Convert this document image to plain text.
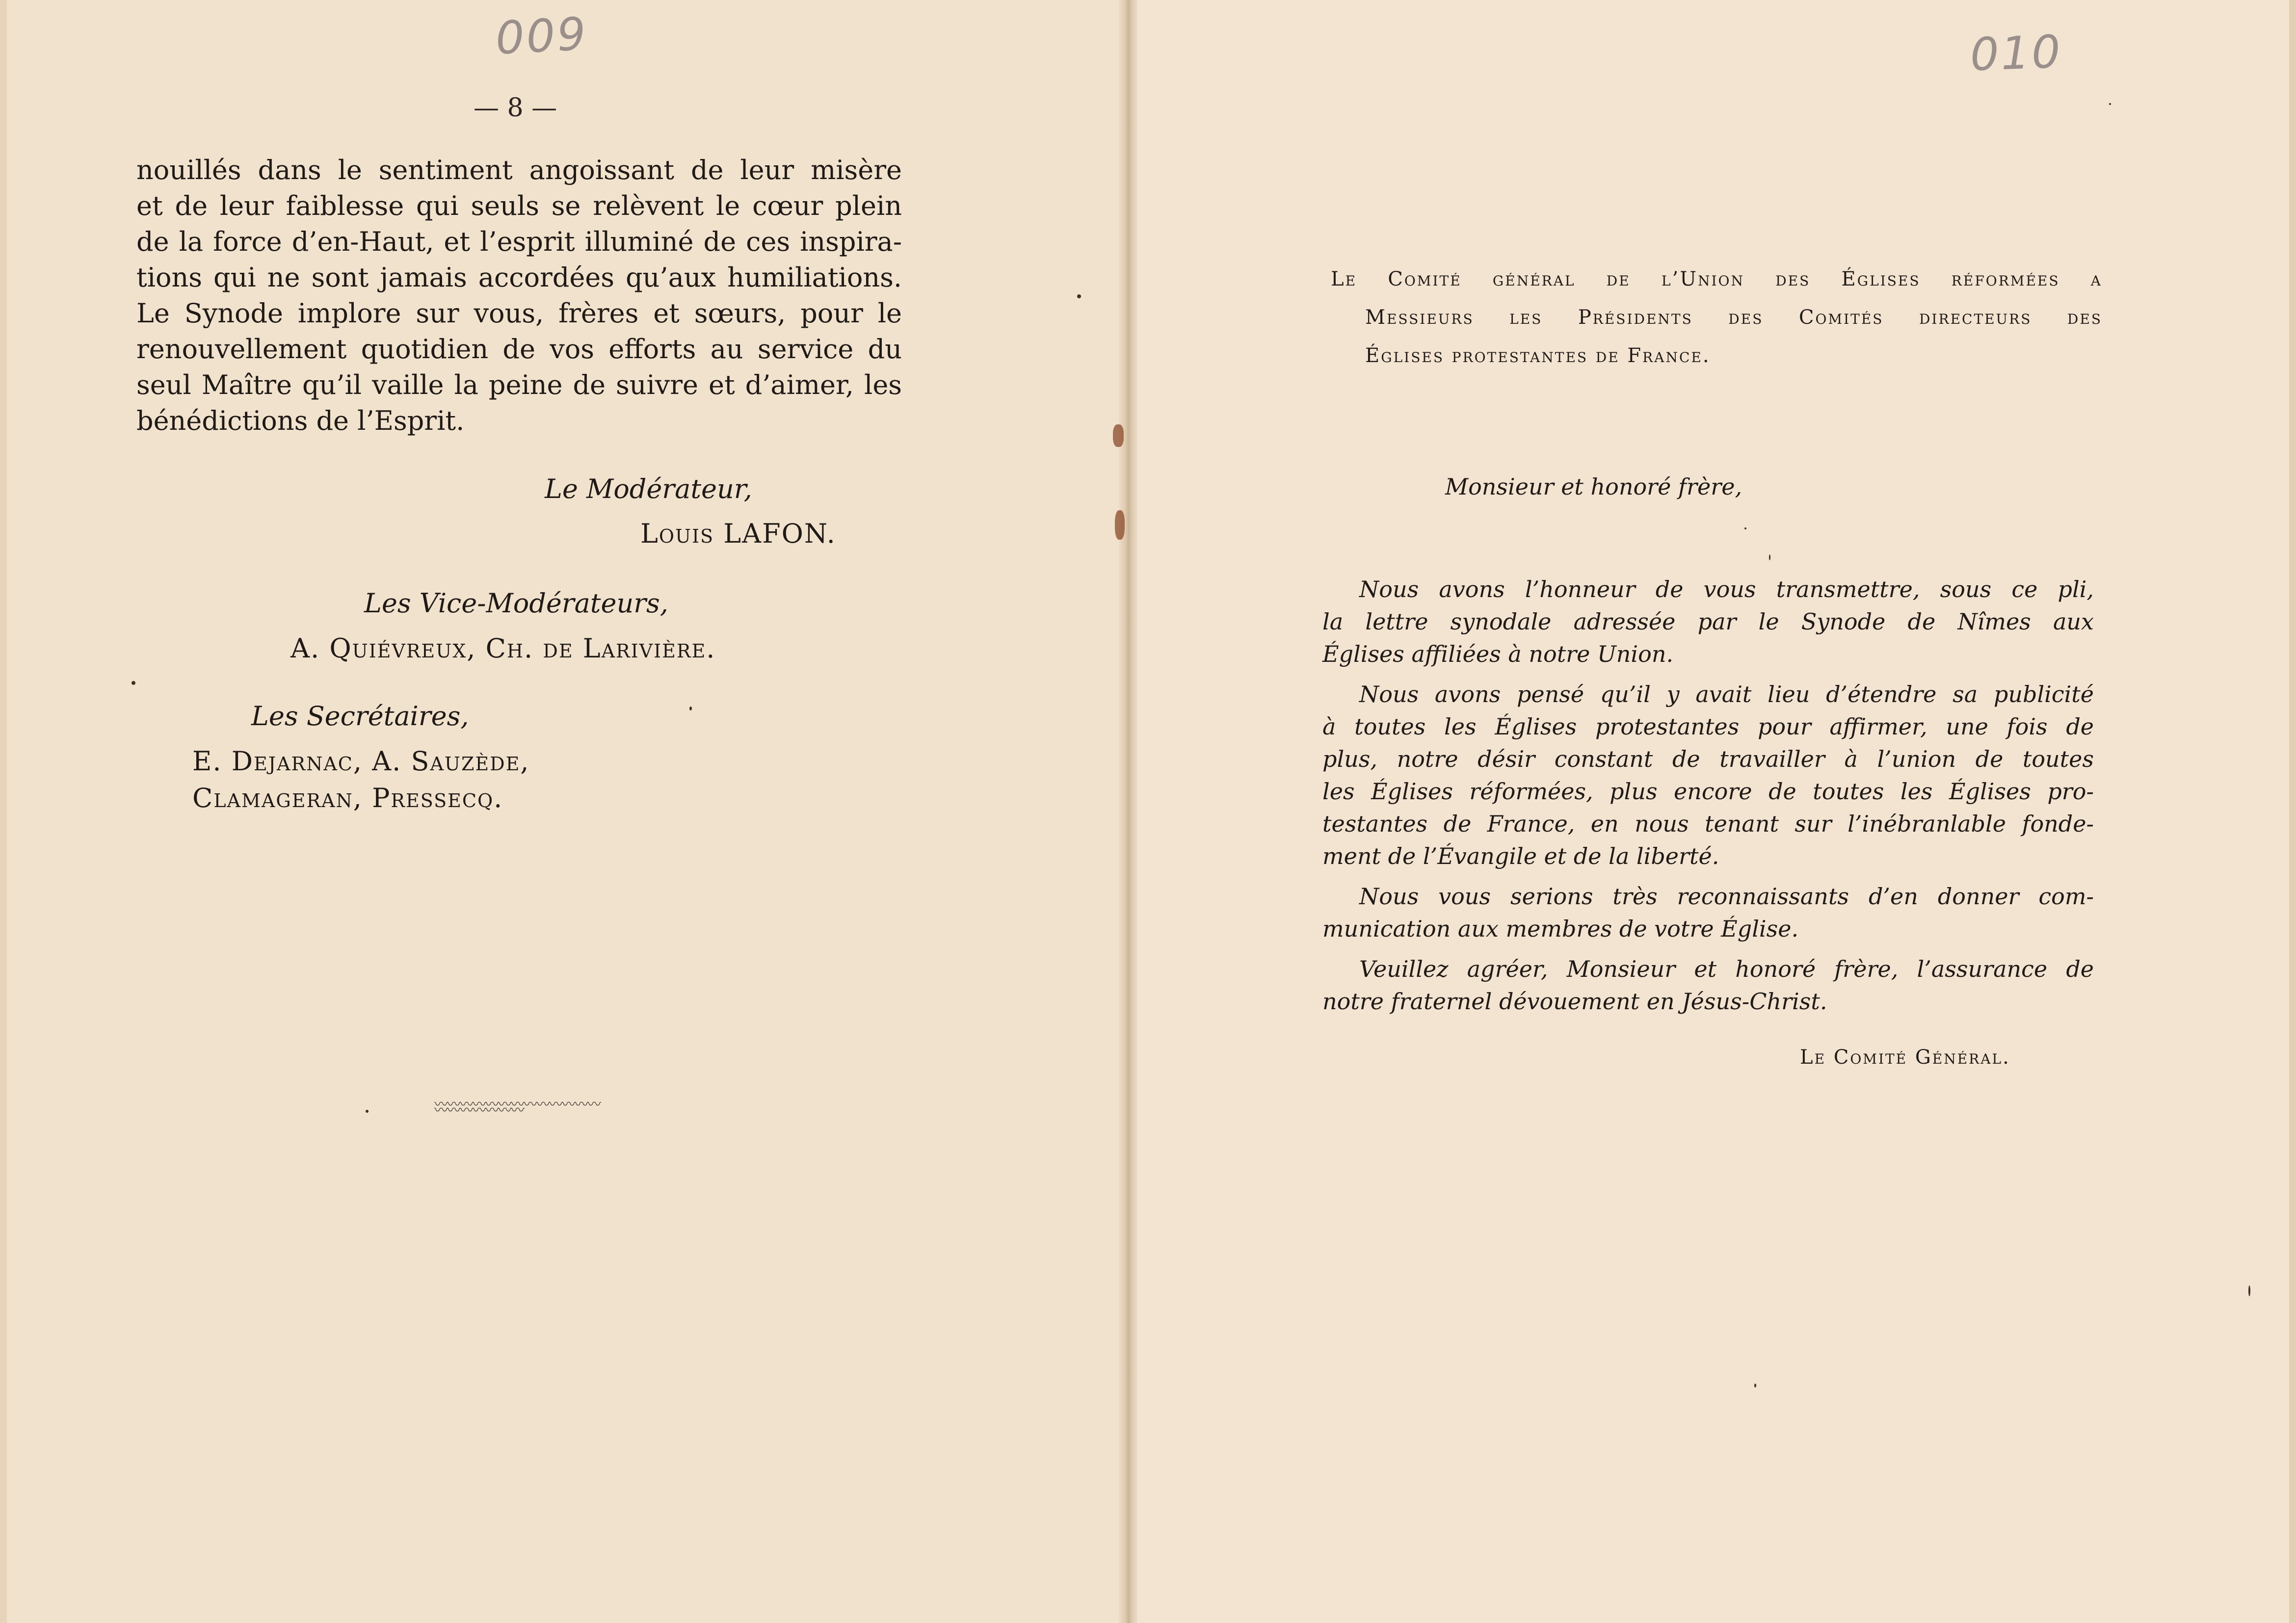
009
— 8 —
nouillés dans le sentiment angoissant de leur misère
et de leur faiblesse qui seuls se relèvent le cœur plein
de la force d’en-Haut, et l’esprit illuminé de ces inspira-
tions qui ne sont jamais accordées qu’aux humiliations.
Le Synode implore sur vous, frères et sœurs, pour le
renouvellement quotidien de vos efforts au service du
seul Maître qu’il vaille la peine de suivre et d’aimer, les
bénédictions de l’Esprit.
Le Modérateur,
Louis LAFON.
Les Vice-Modérateurs,
A. Quiévreux, Ch. de Larivière.
Les Secrétaires,
E. Dejarnac, A. Sauzède,
Clamageran, Pressecq.
〰〰〰〰〰〰〰〰〰〰〰〰〰〰〰〰〰〰〰〰
010
Le Comité général de l’Union des Églises réformées a
Messieurs les Présidents des Comités directeurs des
Églises protestantes de France.
Monsieur et honoré frère,
Nous avons l’honneur de vous transmettre, sous ce pli,
la lettre synodale adressée par le Synode de Nîmes aux
Églises affiliées à notre Union.
Nous avons pensé qu’il y avait lieu d’étendre sa publicité
à toutes les Églises protestantes pour affirmer, une fois de
plus, notre désir constant de travailler à l’union de toutes
les Églises réformées, plus encore de toutes les Églises pro-
testantes de France, en nous tenant sur l’inébranlable fonde-
ment de l’Évangile et de la liberté.
Nous vous serions très reconnaissants d’en donner com-
munication aux membres de votre Église.
Veuillez agréer, Monsieur et honoré frère, l’assurance de
notre fraternel dévouement en Jésus-Christ.
Le Comité Général.
